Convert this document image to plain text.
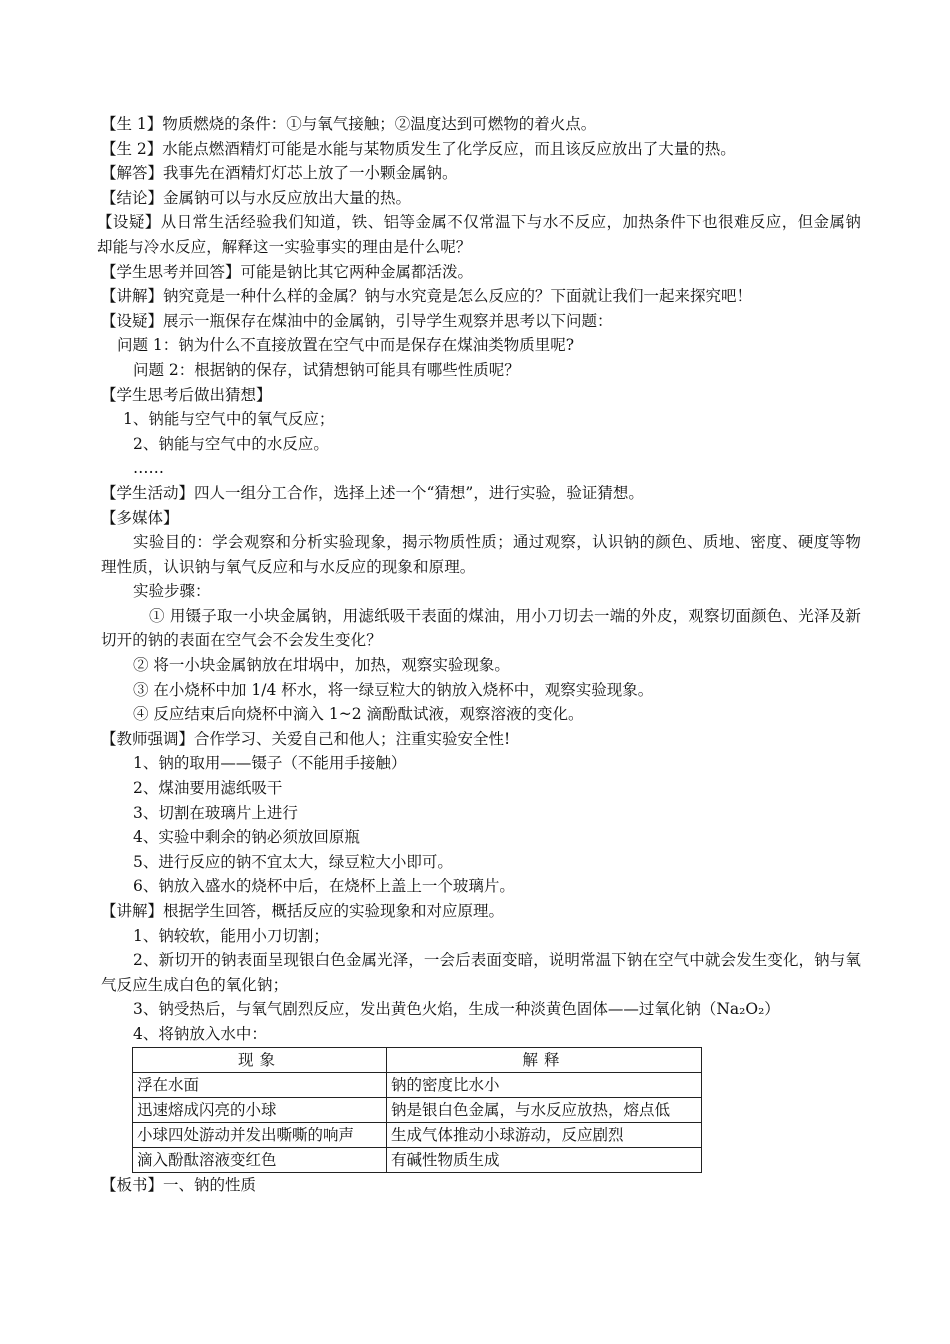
【生 1】物质燃烧的条件：①与氧气接触；②温度达到可燃物的着火点。
【生 2】水能点燃酒精灯可能是水能与某物质发生了化学反应，而且该反应放出了大量的热。
【解答】我事先在酒精灯灯芯上放了一小颗金属钠。
【结论】金属钠可以与水反应放出大量的热。
【设疑】从日常生活经验我们知道，铁、铝等金属不仅常温下与水不反应，加热条件下也很难反应，但金属钠却能与冷水反应，解释这一实验事实的理由是什么呢？
【学生思考并回答】可能是钠比其它两种金属都活泼。
【讲解】钠究竟是一种什么样的金属？钠与水究竟是怎么反应的？下面就让我们一起来探究吧！
【设疑】展示一瓶保存在煤油中的金属钠，引导学生观察并思考以下问题：
问题 1：钠为什么不直接放置在空气中而是保存在煤油类物质里呢?
问题 2：根据钠的保存，试猜想钠可能具有哪些性质呢？
【学生思考后做出猜想】
1、钠能与空气中的氧气反应；
2、钠能与空气中的水反应。
……
【学生活动】四人一组分工合作，选择上述一个“猜想”，进行实验，验证猜想。
【多媒体】
实验目的：学会观察和分析实验现象，揭示物质性质；通过观察，认识钠的颜色、质地、密度、硬度等物理性质，认识钠与氧气反应和与水反应的现象和原理。
实验步骤：
① 用镊子取一小块金属钠，用滤纸吸干表面的煤油，用小刀切去一端的外皮，观察切面颜色、光泽及新切开的钠的表面在空气会不会发生变化？
② 将一小块金属钠放在坩埚中，加热，观察实验现象。
③ 在小烧杯中加 1/4 杯水，将一绿豆粒大的钠放入烧杯中，观察实验现象。
④ 反应结束后向烧杯中滴入 1~2 滴酚酞试液，观察溶液的变化。
【教师强调】合作学习、关爱自己和他人；注重实验安全性!
1、钠的取用——镊子（不能用手接触）
2、煤油要用滤纸吸干
3、切割在玻璃片上进行
4、实验中剩余的钠必须放回原瓶
5、进行反应的钠不宜太大，绿豆粒大小即可。
6、钠放入盛水的烧杯中后，在烧杯上盖上一个玻璃片。
【讲解】根据学生回答，概括反应的实验现象和对应原理。
1、钠较软，能用小刀切割；
2、新切开的钠表面呈现银白色金属光泽，一会后表面变暗，说明常温下钠在空气中就会发生变化，钠与氧气反应生成白色的氧化钠；
3、钠受热后，与氧气剧烈反应，发出黄色火焰，生成一种淡黄色固体——过氧化钠（Na₂O₂）
4、将钠放入水中：
现象	解释
浮在水面	钠的密度比水小
迅速熔成闪亮的小球	钠是银白色金属，与水反应放热，熔点低
小球四处游动并发出嘶嘶的响声	生成气体推动小球游动，反应剧烈
滴入酚酞溶液变红色	有碱性物质生成
【板书】一、钠的性质
